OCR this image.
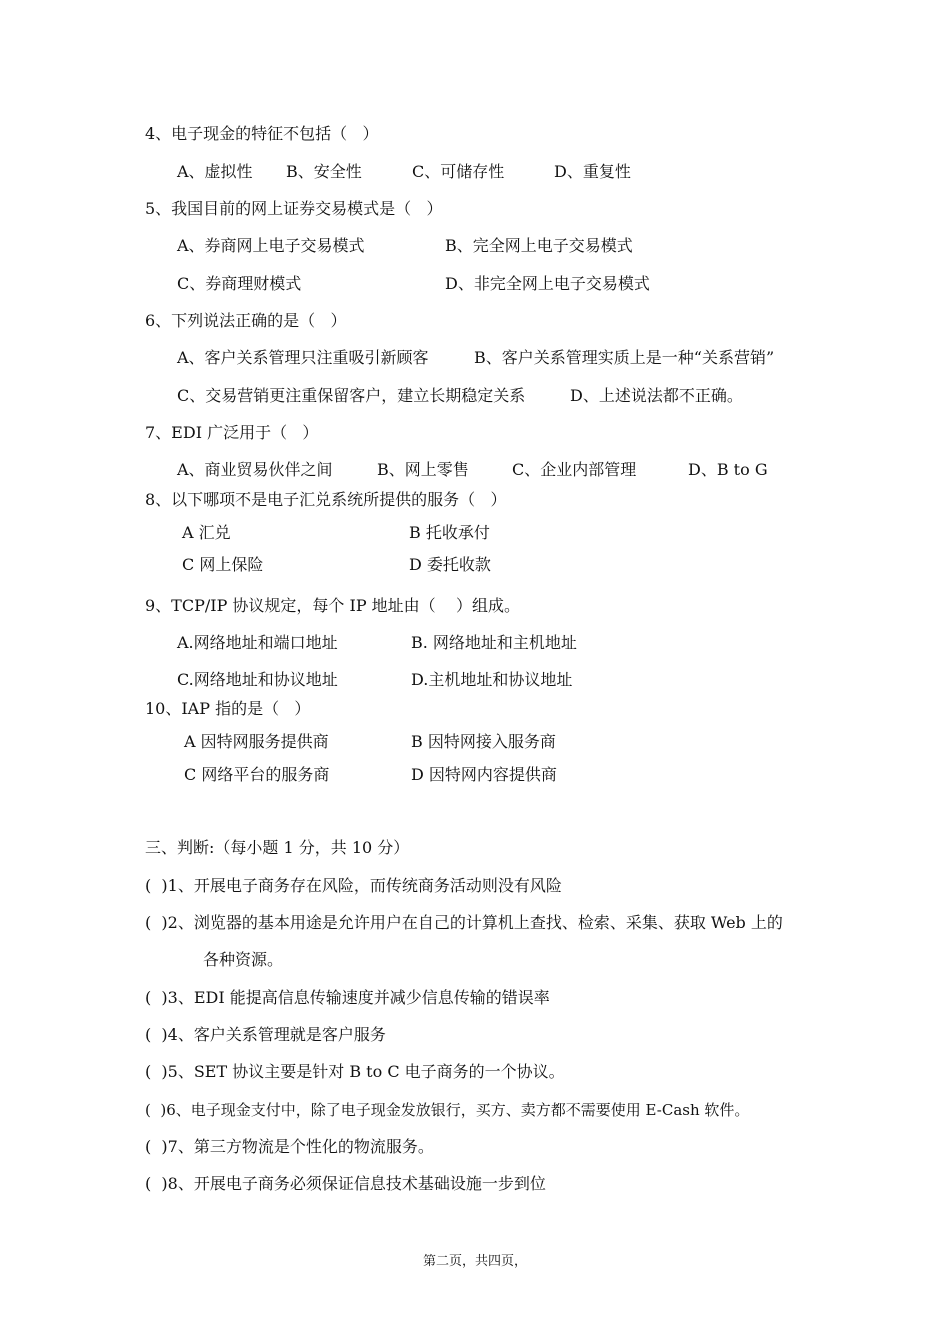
4、电子现金的特征不包括（   ）
A、虚拟性 B、安全性	C、可储存性	D、重复性
5、我国目前的网上证券交易模式是（   ）
A、券商网上电子交易模式	B、完全网上电子交易模式
C、券商理财模式	D、非完全网上电子交易模式
6、下列说法正确的是（   ）
A、客户关系管理只注重吸引新顾客	B、客户关系管理实质上是一种“关系营销”
C、交易营销更注重保留客户，建立长期稳定关系	D、上述说法都不正确。
7、EDI 广泛用于（   ）
A、商业贸易伙伴之间	B、网上零售	C、企业内部管理	D、B to G
8、以下哪项不是电子汇兑系统所提供的服务（   ）
A 汇兑	B 托收承付
C 网上保险	D 委托收款
9、TCP/IP 协议规定，每个 IP 地址由（    ）组成。
A.网络地址和端口地址	B. 网络地址和主机地址
C.网络地址和协议地址	D.主机地址和协议地址
10、IAP 指的是（   ）
A 因特网服务提供商	B 因特网接入服务商
C 网络平台的服务商	D 因特网内容提供商
三、判断:（每小题 1 分，共 10 分）
(  )1、开展电子商务存在风险，而传统商务活动则没有风险
(  )2、浏览器的基本用途是允许用户在自己的计算机上查找、检索、采集、获取 Web 上的
各种资源。
(  )3、EDI 能提高信息传输速度并减少信息传输的错误率
(  )4、客户关系管理就是客户服务
(  )5、SET 协议主要是针对 B to C 电子商务的一个协议。
(  )6、电子现金支付中，除了电子现金发放银行，买方、卖方都不需要使用 E-Cash 软件。
(  )7、第三方物流是个性化的物流服务。
(  )8、开展电子商务必须保证信息技术基础设施一步到位
第二页，共四页，
